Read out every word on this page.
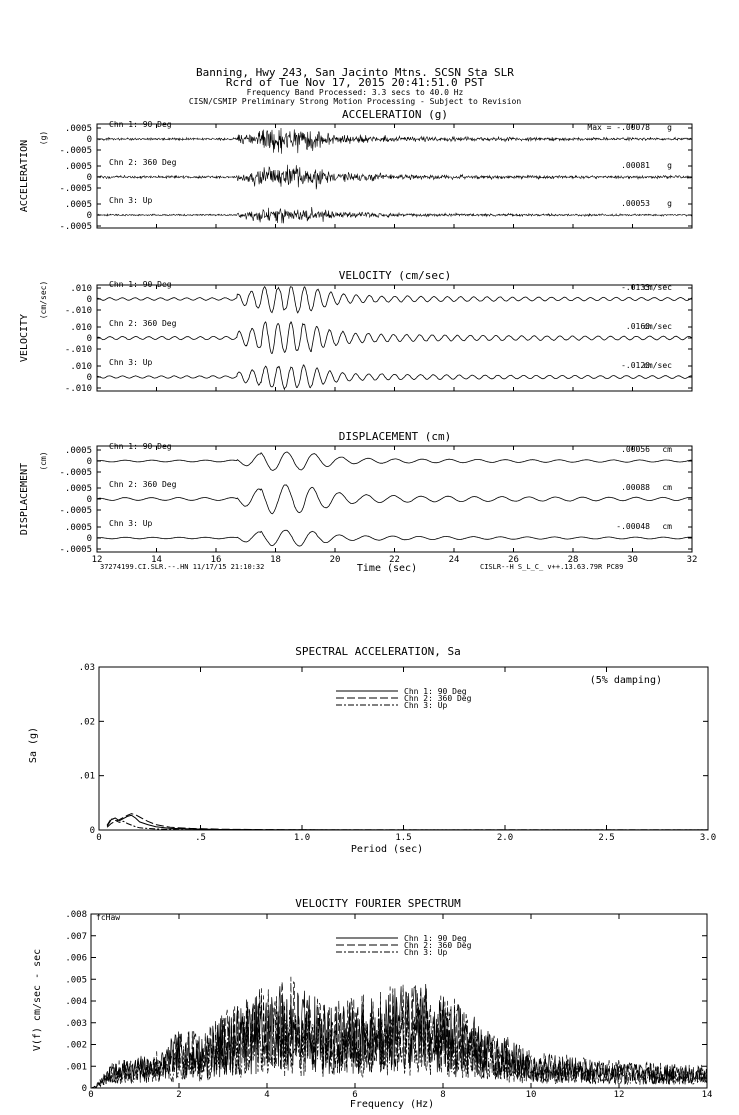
Banning, Hwy 243, San Jacinto Mtns. SCSN Sta SLR
Rcrd of Tue Nov 17, 2015 20:41:51.0 PST
Frequency Band Processed: 3.3 secs to 40.0 Hz
CISN/CSMIP Preliminary Strong Motion Processing - Subject to Revision
ACCELERATION (g)
ACCELERATION
(g)
.0005
0
-.0005
Chn 1: 90 Deg	Max = -.00078 g
.0005
0
-.0005
Chn 2: 360 Deg	.00081 g
.0005
0
-.0005
Chn 3: Up	.00053 g
VELOCITY (cm/sec)
VELOCITY
(cm/sec) .010
0
-.010
Chn 1: 90 Deg	-.0133
cm/sec
.010
0
-.010
Chn 2: 360 Deg	.0160
cm/sec
.010
0
-.010
Chn 3: Up	-.0120
cm/sec
DISPLACEMENT (cm)
DISPLACEMENT
(cm)
.0005
0
-.0005
Chn 1: 90 Deg	.00056 cm
.0005
0
-.0005
Chn 2: 360 Deg	.00088 cm
.0005
0
-.0005
Chn 3: Up	-.00048 cm
12	14	16	18	20	22	24	26	28	30	32
Time (sec)
37274199.CI.SLR.--.HN 11/17/15 21:10:32	CISLR--H S_L_C_ v++.13.63.79R PC89
SPECTRAL ACCELERATION, Sa
0	.5	1.0	1.5	2.0	2.5	3.0
0
.01
.02
.03
Period (sec)
Sa (g)
(5% damping)
Chn 1: 90 Deg
Chn 2: 360 Deg
Chn 3: Up
VELOCITY FOURIER SPECTRUM
0	2	4	6	8	10	12	14
0
.001
.002
.003
.004
.005
.006
.007
.008
Frequency (Hz)
V(f) cm/sec - sec
fcHaw
Chn 1: 90 Deg
Chn 2: 360 Deg
Chn 3: Up
